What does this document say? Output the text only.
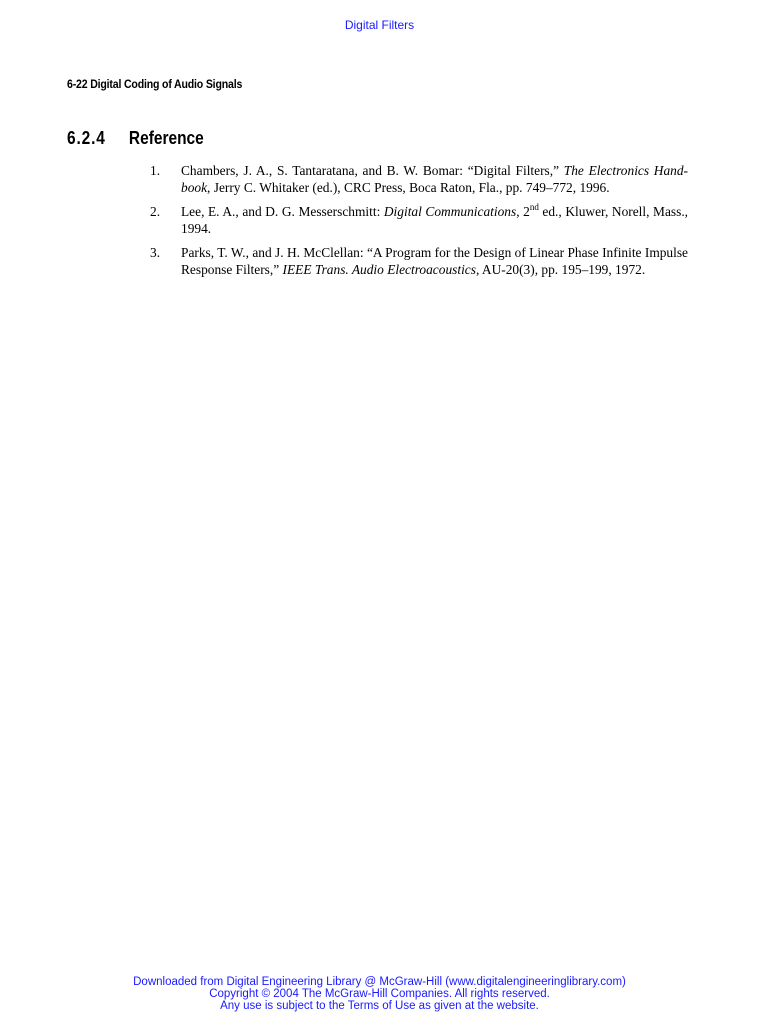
Digital Filters
6-22 Digital Coding of Audio Signals
6.2.4 Reference
1. Chambers, J. A., S. Tantaratana, and B. W. Bomar: “Digital Filters,” The Electronics Hand-book, Jerry C. Whitaker (ed.), CRC Press, Boca Raton, Fla., pp. 749–772, 1996.
2. Lee, E. A., and D. G. Messerschmitt: Digital Communications, 2nd ed., Kluwer, Norell, Mass., 1994.
3. Parks, T. W., and J. H. McClellan: “A Program for the Design of Linear Phase Infinite Impulse Response Filters,” IEEE Trans. Audio Electroacoustics, AU-20(3), pp. 195–199, 1972.
Downloaded from Digital Engineering Library @ McGraw-Hill (www.digitalengineeringlibrary.com)
Copyright © 2004 The McGraw-Hill Companies. All rights reserved.
Any use is subject to the Terms of Use as given at the website.
